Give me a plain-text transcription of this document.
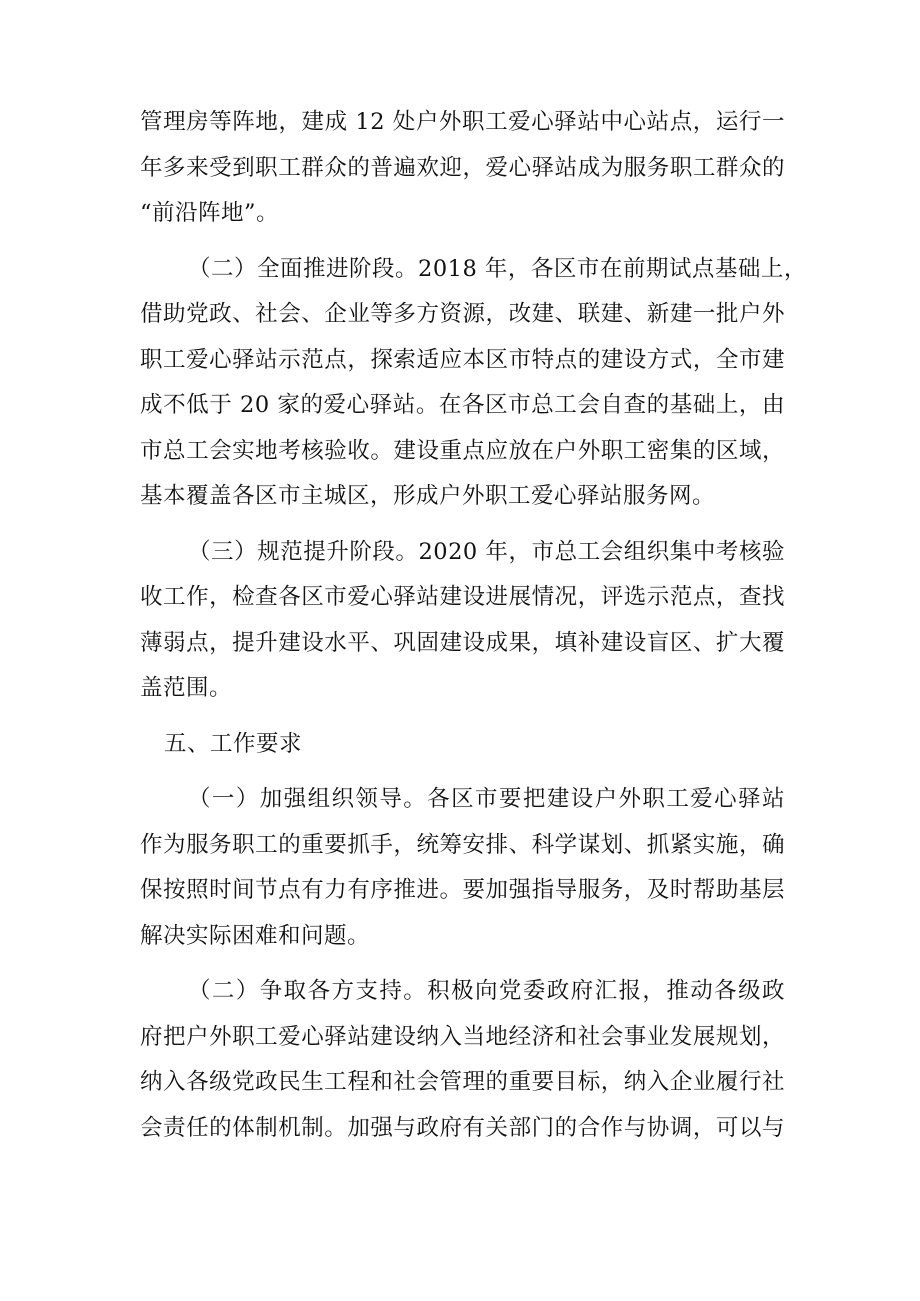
管理房等阵地，建成 12 处户外职工爱心驿站中心站点，运行一
年多来受到职工群众的普遍欢迎，爱心驿站成为服务职工群众的
“前沿阵地”。

（二）全面推进阶段。2018 年，各区市在前期试点基础上，
借助党政、社会、企业等多方资源，改建、联建、新建一批户外
职工爱心驿站示范点，探索适应本区市特点的建设方式，全市建
成不低于 20 家的爱心驿站。在各区市总工会自查的基础上，由
市总工会实地考核验收。建设重点应放在户外职工密集的区域，
基本覆盖各区市主城区，形成户外职工爱心驿站服务网。

（三）规范提升阶段。2020 年，市总工会组织集中考核验
收工作，检查各区市爱心驿站建设进展情况，评选示范点，查找
薄弱点，提升建设水平、巩固建设成果，填补建设盲区、扩大覆
盖范围。

五、工作要求

（一）加强组织领导。各区市要把建设户外职工爱心驿站
作为服务职工的重要抓手，统筹安排、科学谋划、抓紧实施，确
保按照时间节点有力有序推进。要加强指导服务，及时帮助基层
解决实际困难和问题。

（二）争取各方支持。积极向党委政府汇报，推动各级政
府把户外职工爱心驿站建设纳入当地经济和社会事业发展规划，
纳入各级党政民生工程和社会管理的重要目标，纳入企业履行社
会责任的体制机制。加强与政府有关部门的合作与协调，可以与
